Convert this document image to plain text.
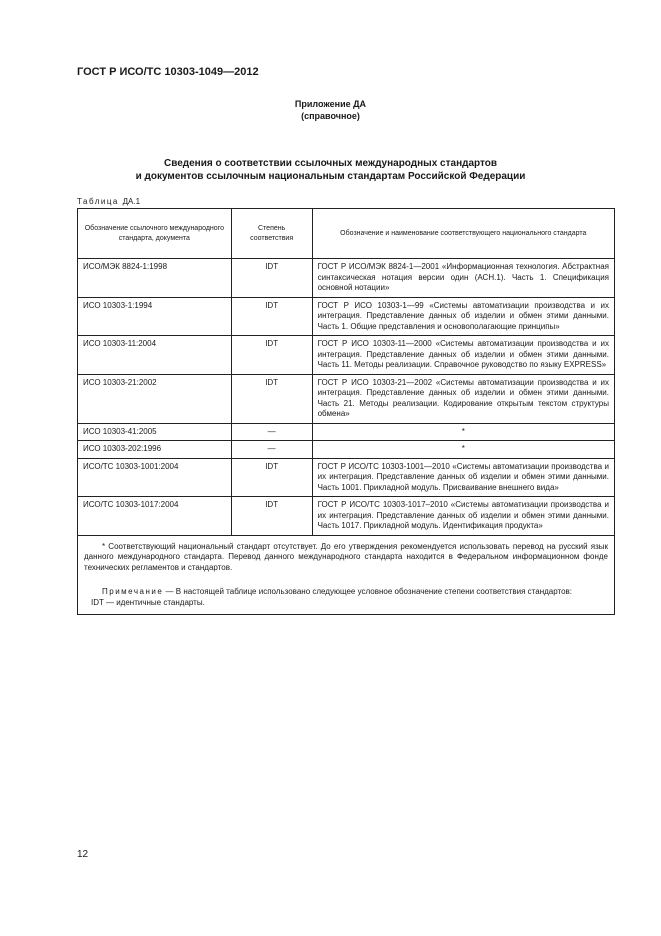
ГОСТ Р ИСО/ТС 10303-1049—2012
Приложение ДА
(справочное)
Сведения о соответствии ссылочных международных стандартов
и документов ссылочным национальным стандартам Российской Федерации
Таблица ДА.1
Обозначение ссылочного международного стандарта, документа	Степень соответствия	Обозначение и наименование соответствующего национального стандарта
ИСО/МЭК 8824-1:1998	IDT	ГОСТ Р ИСО/МЭК 8824-1—2001 «Информационная технология. Абстрактная синтаксическая нотация версии один (АСН.1). Часть 1. Спецификация основной нотации»
ИСО 10303-1:1994	IDT	ГОСТ Р ИСО 10303-1—99 «Системы автоматизации производства и их интеграция. Представление данных об изделии и обмен этими данными. Часть 1. Общие представления и основополагающие принципы»
ИСО 10303-11:2004	IDT	ГОСТ Р ИСО 10303-11—2000 «Системы автоматизации производства и их интеграция. Представление данных об изделии и обмен этими данными. Часть 11. Методы реализации. Справочное руководство по языку EXPRESS»
ИСО 10303-21:2002	IDT	ГОСТ Р ИСО 10303-21—2002 «Системы автоматизации производства и их интеграция. Представление данных об изделии и обмен этими данными. Часть 21. Методы реализации. Кодирование открытым текстом структуры обмена»
ИСО 10303-41:2005	—	*
ИСО 10303-202:1996	—	*
ИСО/ТС 10303-1001:2004	IDT	ГОСТ Р ИСО/ТС 10303-1001—2010 «Системы автоматизации производства и их интеграция. Представление данных об изделии и обмен этими данными. Часть 1001. Прикладной модуль. Присваивание внешнего вида»
ИСО/ТС 10303-1017:2004	IDT	ГОСТ Р ИСО/ТС 10303-1017–2010 «Системы автоматизации производства и их интеграция. Представление данных об изделии и обмен этими данными. Часть 1017. Прикладной модуль. Идентификация продукта»

* Соответствующий национальный стандарт отсутствует. До его утверждения рекомендуется использовать перевод на русский язык данного международного стандарта. Перевод данного международного стандарта находится в Федеральном информационном фонде технических регламентов и стандартов.

Примечание — В настоящей таблице использовано следующее условное обозначение степени соответствия стандартов:

IDT — идентичные стандарты.		

12
